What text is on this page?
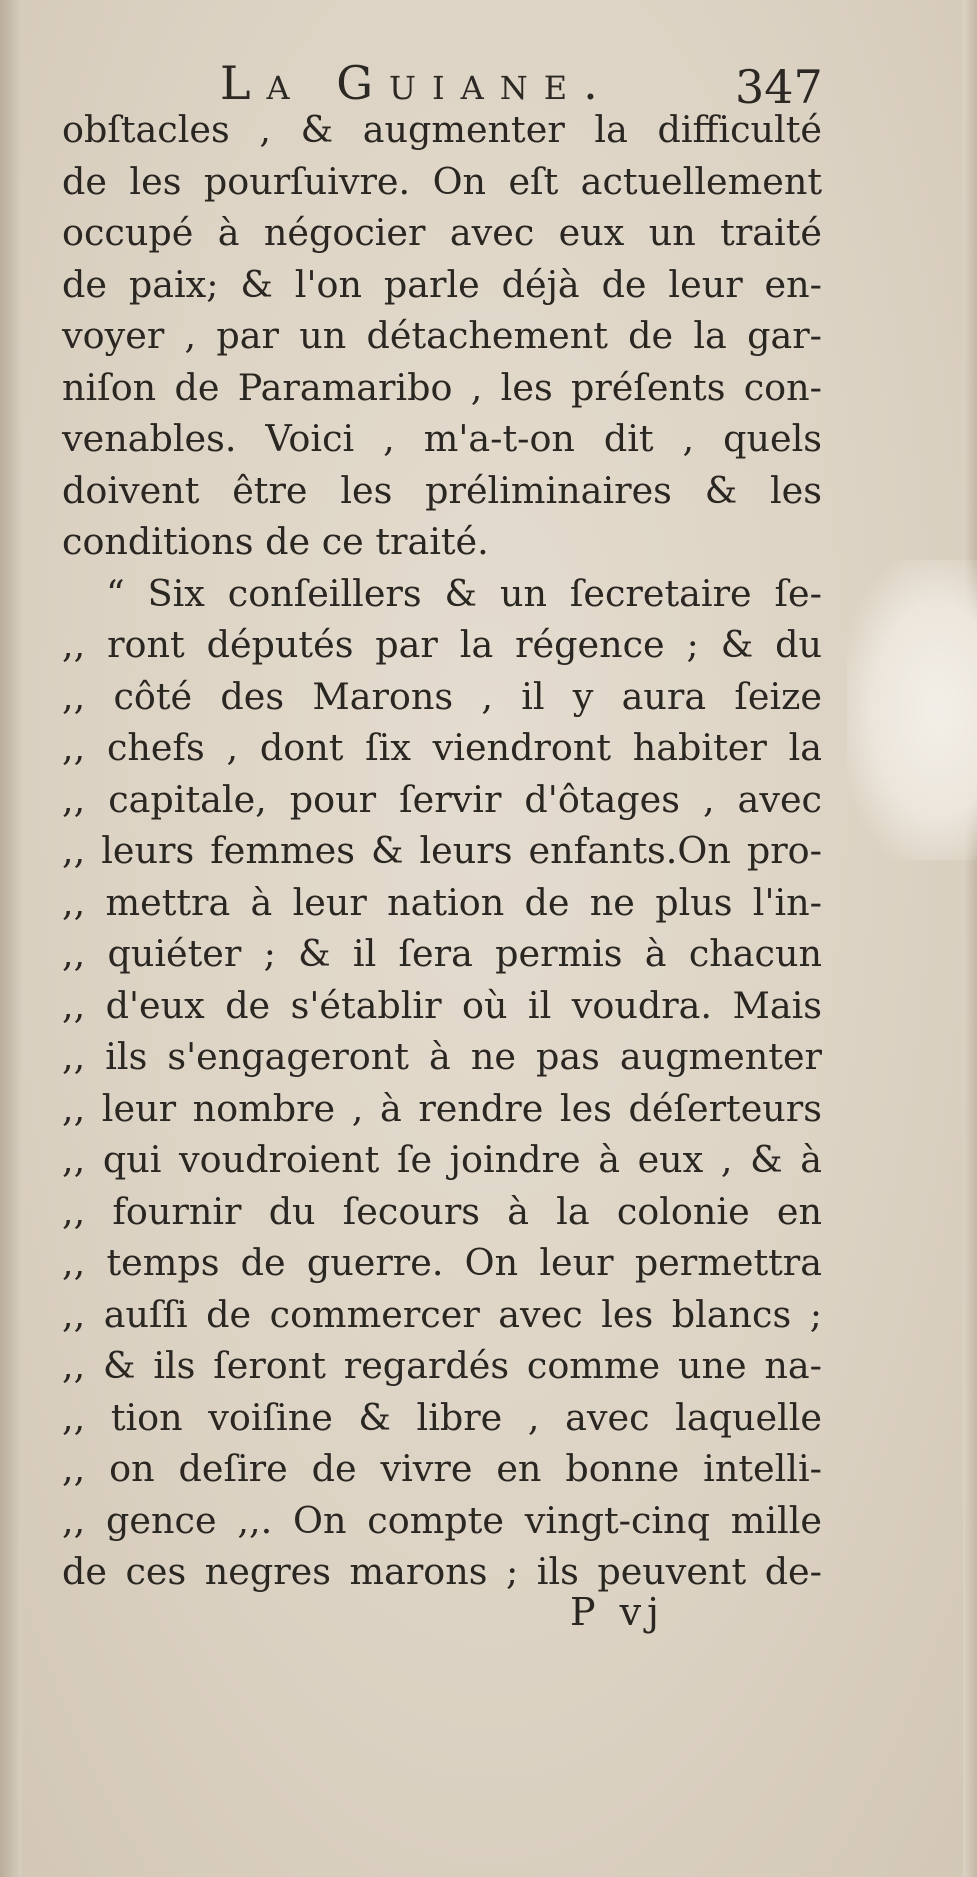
La Guiane.	347
obſtacles , & augmenter la difficulté
de les pourſuivre. On eſt actuellement
occupé à négocier avec eux un traité
de paix; & l'on parle déjà de leur en-
voyer , par un détachement de la gar-
niſon de Paramaribo , les préſents con-
venables. Voici , m'a-t-on dit , quels
doivent être les préliminaires & les
conditions de ce traité.
“ Six conſeillers & un ſecretaire ſe-
,, ront députés par la régence ; & du
,, côté des Marons , il y aura ſeize
,, chefs , dont ſix viendront habiter la
,, capitale, pour ſervir d'ôtages , avec
,, leurs femmes & leurs enfants.On pro-
,, mettra à leur nation de ne plus l'in-
,, quiéter ; & il ſera permis à chacun
,, d'eux de s'établir où il voudra. Mais
,, ils s'engageront à ne pas augmenter
,, leur nombre , à rendre les déſerteurs
,, qui voudroient ſe joindre à eux , & à
,, fournir du ſecours à la colonie en
,, temps de guerre. On leur permettra
,, auſſi de commercer avec les blancs ;
,, & ils ſeront regardés comme une na-
,, tion voiſine & libre , avec laquelle
,, on deſire de vivre en bonne intelli-
,, gence ,,. On compte vingt-cinq mille
de ces negres marons ; ils peuvent de-
P vj
